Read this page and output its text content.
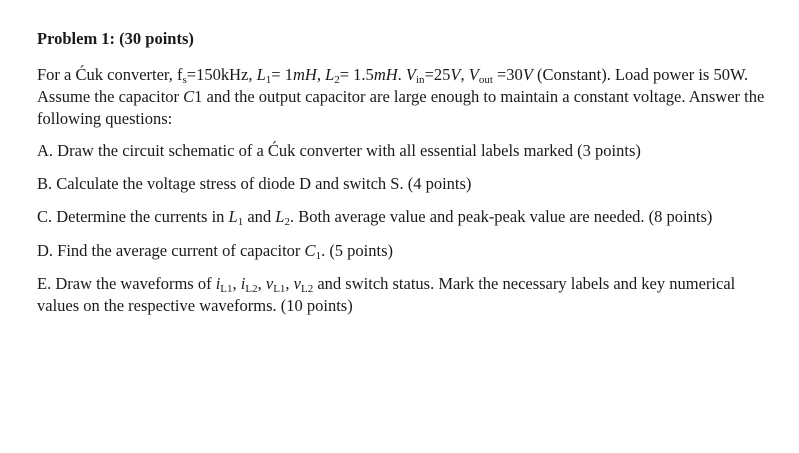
Problem 1: (30 points)

For a Ćuk converter, $f_s=150kHz$, $L_1= 1mH$, $L_2= 1.5mH$. $V_{in}=25V$, $V_{out} =30V$ (Constant). Load power is 50W. Assume the capacitor C1 and the output capacitor are large enough to maintain a constant voltage. Answer the following questions:

A. Draw the circuit schematic of a Ćuk converter with all essential labels marked (3 points)

B. Calculate the voltage stress of diode D and switch S. (4 points)

C. Determine the currents in $L_1$ and $L_2$. Both average value and peak-peak value are needed. (8 points)

D. Find the average current of capacitor $C_1$. (5 points)

E. Draw the waveforms of $i_{L1}$, $i_{L2}$, $v_{L1}$, $v_{L2}$ and switch status. Mark the necessary labels and key numerical values on the respective waveforms. (10 points)
